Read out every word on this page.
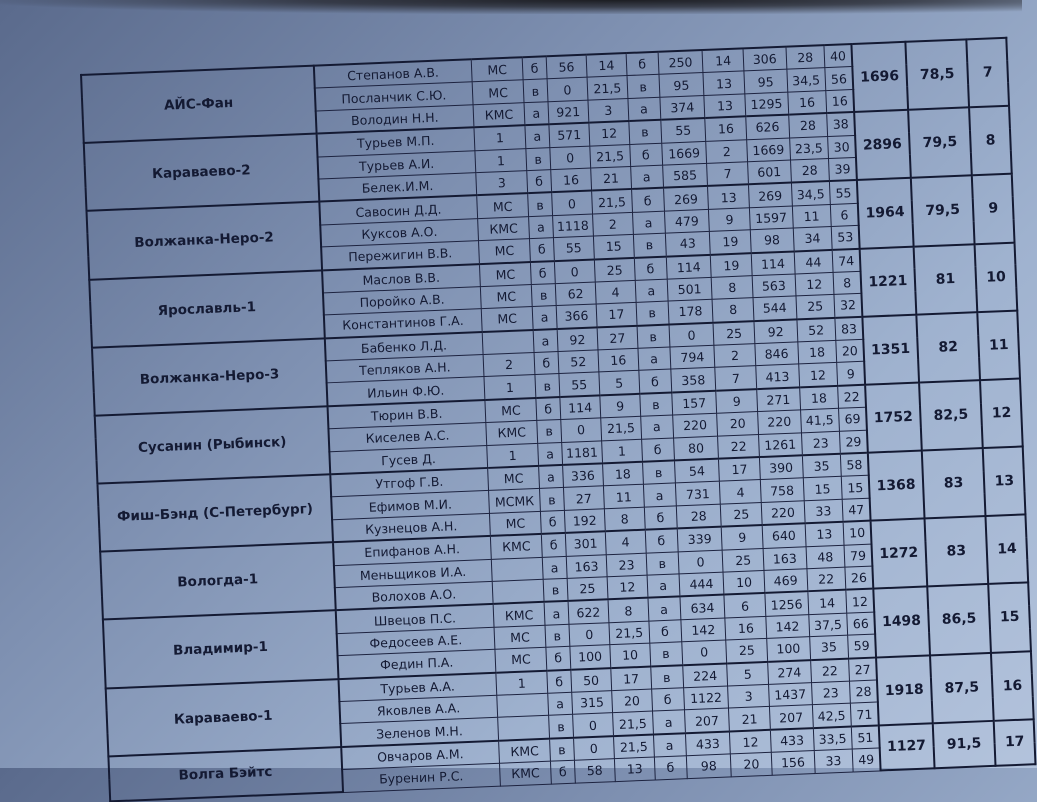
АЙС-Фан	Степанов А.В.	МС	б	56	14	б	250	14	306	28	40	1696	78,5	7
	Посланчик С.Ю.	МС	в	0	21,5	в	95	13	95	34,5	56			
	Володин Н.Н.	КМС	а	921	3	а	374	13	1295	16	16			
Караваево-2	Турьев М.П.	1	а	571	12	в	55	16	626	28	38	2896	79,5	8
	Турьев А.И.	1	в	0	21,5	б	1669	2	1669	23,5	30			
	Белек.И.М.	3	б	16	21	а	585	7	601	28	39			
Волжанка-Неро-2	Савосин Д.Д.	МС	в	0	21,5	б	269	13	269	34,5	55	1964	79,5	9
	Куксов А.О.	КМС	а	1118	2	а	479	9	1597	11	6			
	Пережигин В.В.	МС	б	55	15	в	43	19	98	34	53			
Ярославль-1	Маслов В.В.	МС	б	0	25	б	114	19	114	44	74	1221	81	10
	Поройко А.В.	МС	в	62	4	а	501	8	563	12	8			
	Константинов Г.А.	МС	а	366	17	в	178	8	544	25	32			
Волжанка-Неро-3	Бабенко Л.Д.		а	92	27	в	0	25	92	52	83	1351	82	11
	Тепляков А.Н.	2	б	52	16	а	794	2	846	18	20			
	Ильин Ф.Ю.	1	в	55	5	б	358	7	413	12	9			
Сусанин (Рыбинск)	Тюрин В.В.	МС	б	114	9	в	157	9	271	18	22	1752	82,5	12
	Киселев А.С.	КМС	в	0	21,5	а	220	20	220	41,5	69			
	Гусев Д.	1	а	1181	1	б	80	22	1261	23	29			
Фиш-Бэнд (С-Петербург)	Утгоф Г.В.	МС	а	336	18	в	54	17	390	35	58	1368	83	13
	Ефимов М.И.	МСМК	в	27	11	а	731	4	758	15	15			
	Кузнецов А.Н.	МС	б	192	8	б	28	25	220	33	47			
Вологда-1	Епифанов А.Н.	КМС	б	301	4	б	339	9	640	13	10	1272	83	14
	Меньщиков И.А.		а	163	23	в	0	25	163	48	79			
	Волохов А.О.		в	25	12	а	444	10	469	22	26			
Владимир-1	Швецов П.С.	КМС	а	622	8	а	634	6	1256	14	12	1498	86,5	15
	Федосеев А.Е.	МС	в	0	21,5	б	142	16	142	37,5	66			
	Федин П.А.	МС	б	100	10	в	0	25	100	35	59			
Караваево-1	Турьев А.А.	1	б	50	17	в	224	5	274	22	27	1918	87,5	16
	Яковлев А.А.		а	315	20	б	1122	3	1437	23	28			
	Зеленов М.Н.		в	0	21,5	а	207	21	207	42,5	71			
Волга Бэйтс	Овчаров А.М.	КМС	в	0	21,5	а	433	12	433	33,5	51	1127	91,5	17
	Буренин Р.С.	КМС	б	58	13	б	98	20	156	33	49			
